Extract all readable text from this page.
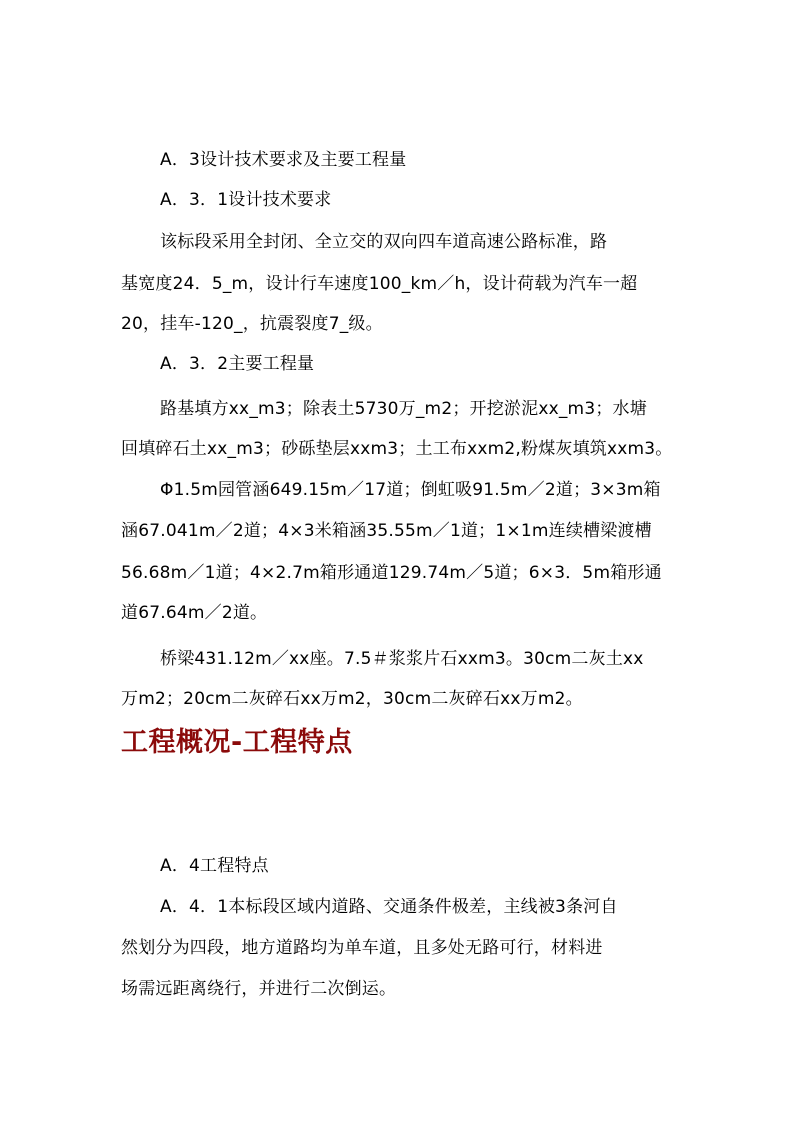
A．3设计技术要求及主要工程量
A．3．1设计技术要求
该标段采用全封闭、全立交的双向四车道高速公路标准，路
基宽度24．5_m，设计行车速度100_km／h，设计荷载为汽车一超
20，挂车-120_，抗震裂度7_级。
A．3．2主要工程量
路基填方xx_m3；除表土5730万_m2；开挖淤泥xx_m3；水塘
回填碎石土xx_m3；砂砾垫层xxm3；土工布xxm2,粉煤灰填筑xxm3。
Φ1.5m园管涵649.15m／17道；倒虹吸91.5m／2道；3×3m箱
涵67.041m／2道；4×3米箱涵35.55m／1道；1×1m连续槽梁渡槽
56.68m／1道；4×2.7m箱形通道129.74m／5道；6×3．5m箱形通
道67.64m／2道。
桥梁431.12m／xx座。7.5＃浆浆片石xxm3。30cm二灰土xx
万m2；20cm二灰碎石xx万m2，30cm二灰碎石xx万m2。
工程概况-工程特点
A．4工程特点
A．4．1本标段区域内道路、交通条件极差，主线被3条河自
然划分为四段，地方道路均为单车道，且多处无路可行，材料进
场需远距离绕行，并进行二次倒运。
